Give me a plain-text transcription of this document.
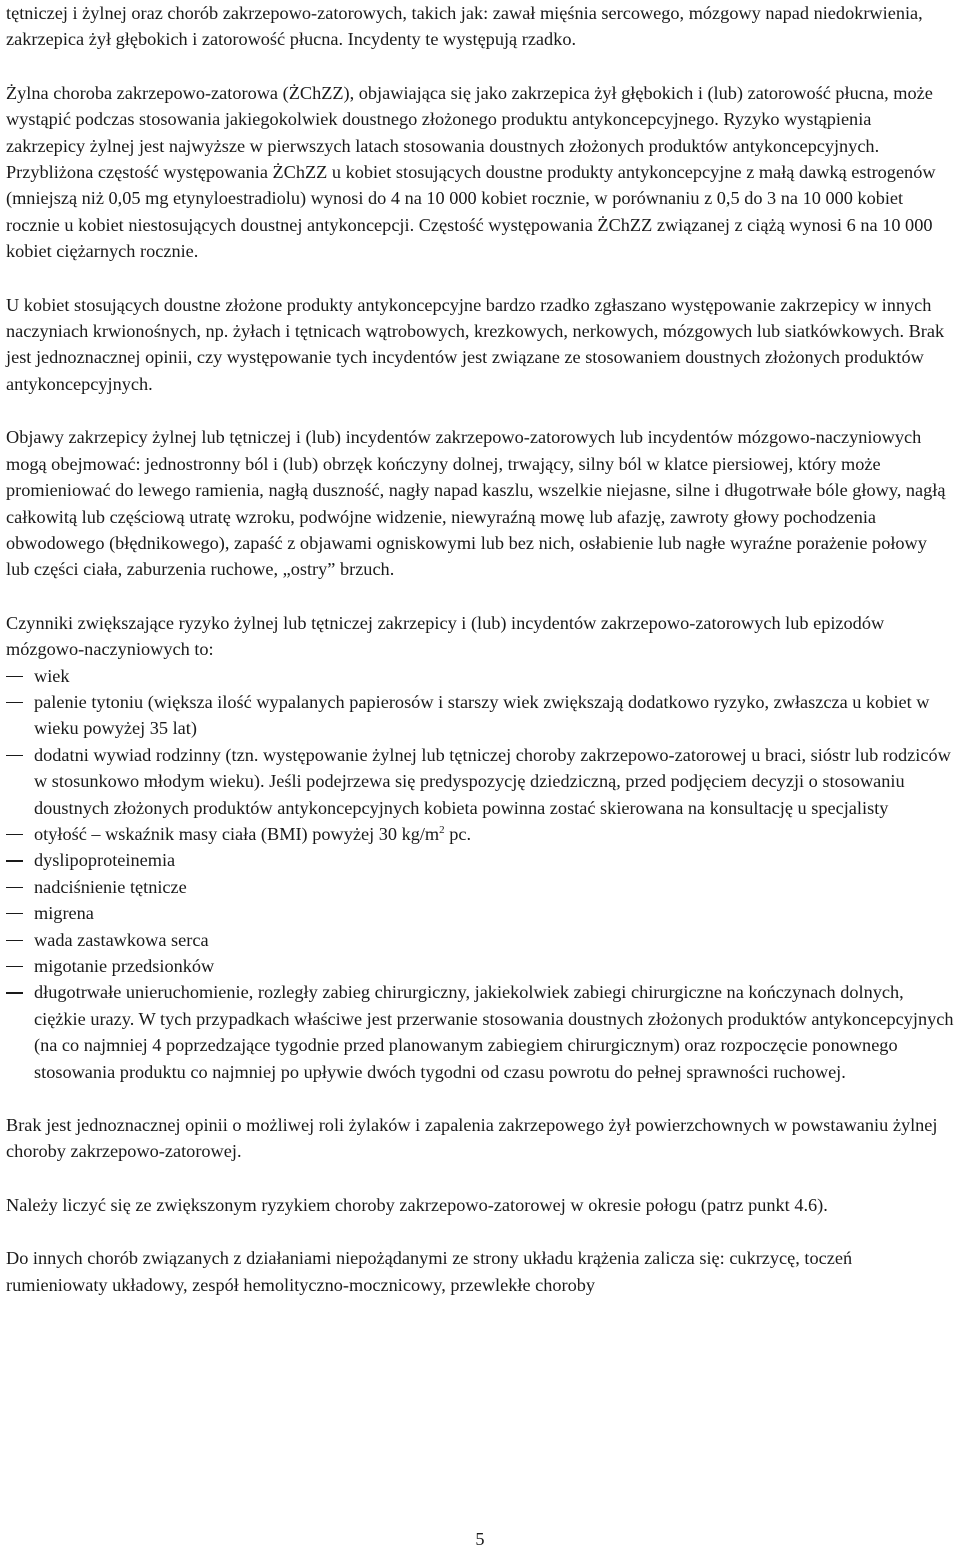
tętniczej i żylnej oraz chorób zakrzepowo-zatorowych, takich jak: zawał mięśnia sercowego, mózgowy napad niedokrwienia, zakrzepica żył głębokich i zatorowość płucna. Incydenty te występują rzadko.

Żylna choroba zakrzepowo-zatorowa (ŻChZZ), objawiająca się jako zakrzepica żył głębokich i (lub) zatorowość płucna, może wystąpić podczas stosowania jakiegokolwiek doustnego złożonego produktu antykoncepcyjnego. Ryzyko wystąpienia zakrzepicy żylnej jest najwyższe w pierwszych latach stosowania doustnych złożonych produktów antykoncepcyjnych. Przybliżona częstość występowania ŻChZZ u kobiet stosujących doustne produkty antykoncepcyjne z małą dawką estrogenów (mniejszą niż 0,05 mg etynyloestradiolu) wynosi do 4 na 10 000 kobiet rocznie, w porównaniu z 0,5 do 3 na 10 000 kobiet rocznie u kobiet niestosujących doustnej antykoncepcji. Częstość występowania ŻChZZ związanej z ciążą wynosi 6 na 10 000 kobiet ciężarnych rocznie.

U kobiet stosujących doustne złożone produkty antykoncepcyjne bardzo rzadko zgłaszano występowanie zakrzepicy w innych naczyniach krwionośnych, np. żyłach i tętnicach wątrobowych, krezkowych, nerkowych, mózgowych lub siatkówkowych. Brak jest jednoznacznej opinii, czy występowanie tych incydentów jest związane ze stosowaniem doustnych złożonych produktów antykoncepcyjnych.

Objawy zakrzepicy żylnej lub tętniczej i (lub) incydentów zakrzepowo-zatorowych lub incydentów mózgowo-naczyniowych mogą obejmować: jednostronny ból i (lub) obrzęk kończyny dolnej, trwający, silny ból w klatce piersiowej, który może promieniować do lewego ramienia, nagłą duszność, nagły napad kaszlu, wszelkie niejasne, silne i długotrwałe bóle głowy, nagłą całkowitą lub częściową utratę wzroku, podwójne widzenie, niewyraźną mowę lub afazję, zawroty głowy pochodzenia obwodowego (błędnikowego), zapaść z objawami ogniskowymi lub bez nich, osłabienie lub nagłe wyraźne porażenie połowy lub części ciała, zaburzenia ruchowe, „ostry” brzuch.

Czynniki zwiększające ryzyko żylnej lub tętniczej zakrzepicy i (lub) incydentów zakrzepowo-zatorowych lub epizodów mózgowo-naczyniowych to:

wiek
palenie tytoniu (większa ilość wypalanych papierosów i starszy wiek zwiększają dodatkowo ryzyko, zwłaszcza u kobiet w wieku powyżej 35 lat)
dodatni wywiad rodzinny (tzn. występowanie żylnej lub tętniczej choroby zakrzepowo-zatorowej u braci, sióstr lub rodziców w stosunkowo młodym wieku). Jeśli podejrzewa się predyspozycję dziedziczną, przed podjęciem decyzji o stosowaniu doustnych złożonych produktów antykoncepcyjnych kobieta powinna zostać skierowana na konsultację u specjalisty
otyłość – wskaźnik masy ciała (BMI) powyżej 30 $kg/m^2$ pc.
dyslipoproteinemia
nadciśnienie tętnicze
migrena
wada zastawkowa serca
migotanie przedsionków
długotrwałe unieruchomienie, rozległy zabieg chirurgiczny, jakiekolwiek zabiegi chirurgiczne na kończynach dolnych, ciężkie urazy. W tych przypadkach właściwe jest przerwanie stosowania doustnych złożonych produktów antykoncepcyjnych (na co najmniej 4 poprzedzające tygodnie przed planowanym zabiegiem chirurgicznym) oraz rozpoczęcie ponownego stosowania produktu co najmniej po upływie dwóch tygodni od czasu powrotu do pełnej sprawności ruchowej.

Brak jest jednoznacznej opinii o możliwej roli żylaków i zapalenia zakrzepowego żył powierzchownych w powstawaniu żylnej choroby zakrzepowo-zatorowej.

Należy liczyć się ze zwiększonym ryzykiem choroby zakrzepowo-zatorowej w okresie połogu (patrz punkt 4.6).

Do innych chorób związanych z działaniami niepożądanymi ze strony układu krążenia zalicza się: cukrzycę, toczeń rumieniowaty układowy, zespół hemolityczno-mocznicowy, przewlekłe choroby

5
